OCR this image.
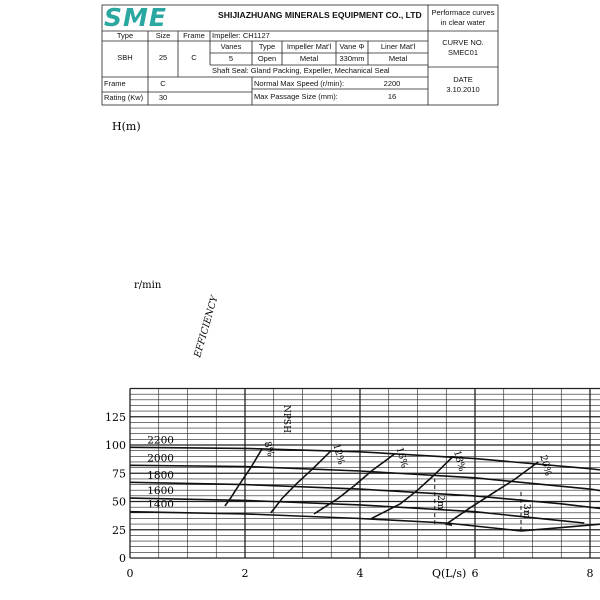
SME	SHIJIAZHUANG MINERALS EQUIPMENT CO., LTD	Performace curves
in clear water
Type	Size	Frame Impeller: CH1127
Vanes	Type	Impeller Mat'l	Vane Φ	Liner Mat'l
SBH	25	C	5	Open	Metal	330mm	Metal
Shaft Seal: Gland Packing, Expeller, Mechanical Seal
CURVE NO.
SMEC01
DATE
3.10.2010
Frame	C
Rating (Kw)	30
Normal Max Speed (r/min):	2200
Max Passage Size (mm):	16
H(m)
Q(L/s)
0	2	4	6	8
0
25
50
75
100
125
2200
2000
1800
1600
1400
8%	12%	16%	18%	20%
2m
3m
r/min
EFFICIENCY
NPSH
